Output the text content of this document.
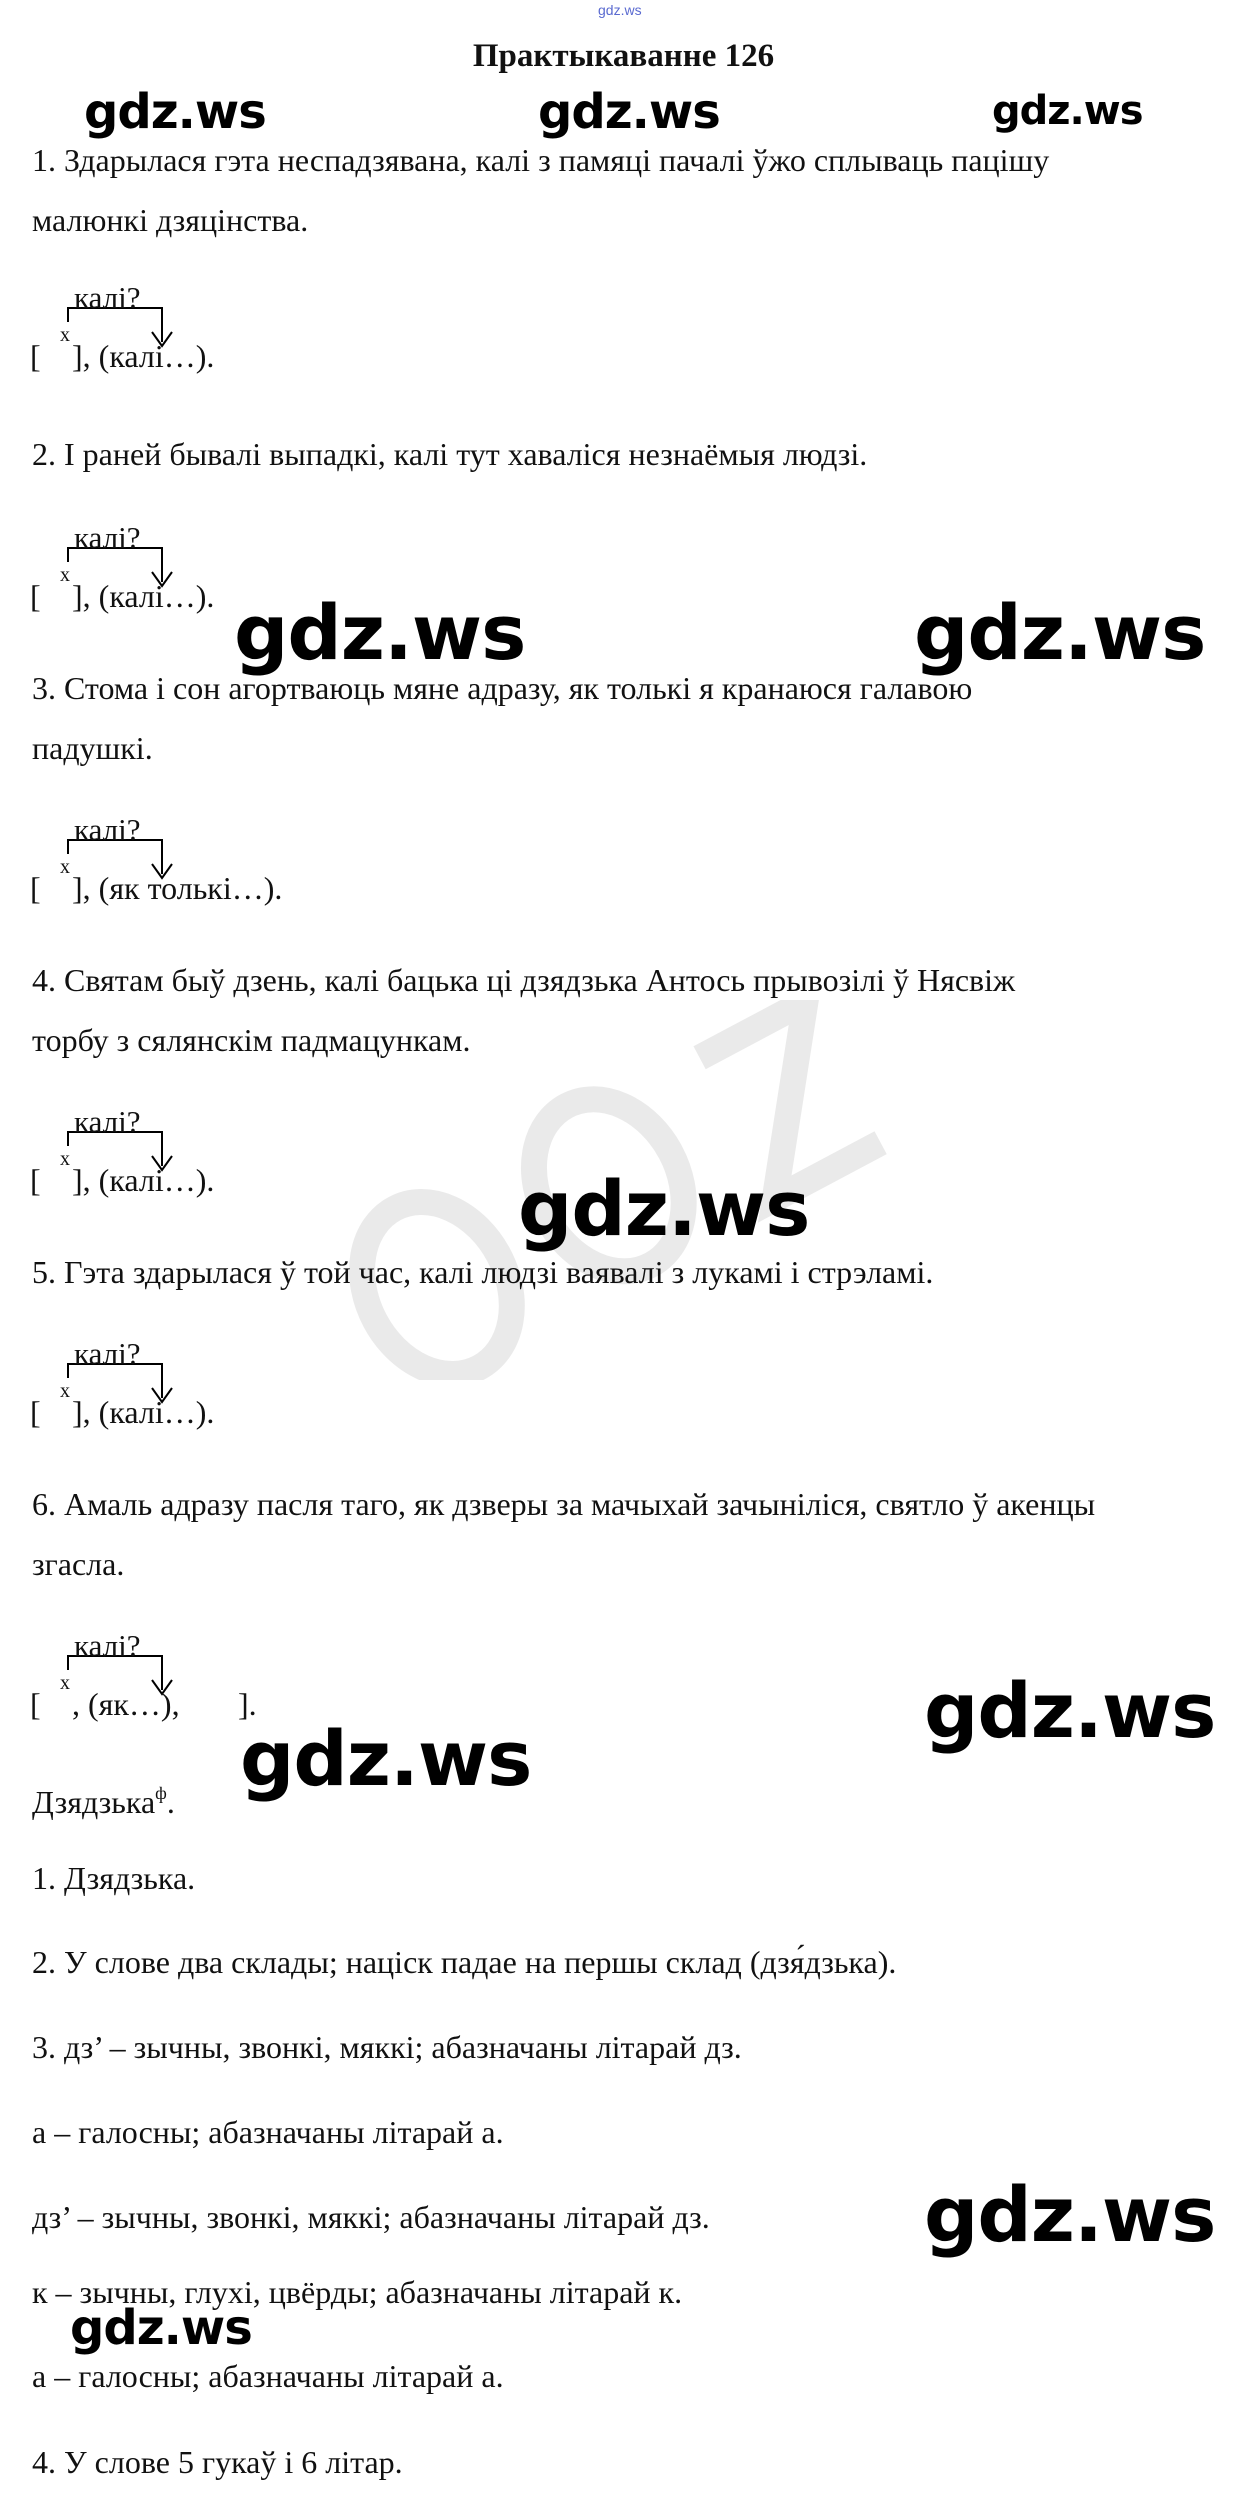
gdz.ws
Практыкаванне 126

1. Здарылася гэта неспадзявана, калі з памяці пачалі ўжо сплываць пацішу
малюнкі дзяцінства.

калі?
x
[ ], (калі…).

2. І раней бывалі выпадкі, калі тут хаваліся незнаёмыя людзі.

калі?
x
[ ], (калі…).

3. Стома і сон агортваюць мяне адразу, як толькі я кранаюся галавою
падушкі.

калі?
x
[ ], (як толькі…).

4. Святам быў дзень, калі бацька ці дзядзька Антось прывозілі ў Нясвіж
торбу з сялянскім падмацункам.

калі?
x
[ ], (калі…).

5. Гэта здарылася ў той час, калі людзі ваявалі з лукамі і стрэламі.

калі?
x
[ ], (калі…).

6. Амаль адразу пасля таго, як дзверы за мачыхай зачыніліся, святло ў акенцы
згасла.

калі?
x
[ , (як…), ].

Дзядзька$^ф$.

1. Дзядзька.

2. У слове два склады; націск падае на першы склад (дзя́дзька).

3. дз’ – зычны, звонкі, мяккі; абазначаны літарай дз.

а – галосны; абазначаны літарай а.

дз’ – зычны, звонкі, мяккі; абазначаны літарай дз.

к – зычны, глухі, цвёрды; абазначаны літарай к.

а – галосны; абазначаны літарай а.

4. У слове 5 гукаў і 6 літар.

gdz.ws	gdz.ws	gdz.ws
gdz.ws	gdz.ws
gdz.ws
gdz.ws
gdz.ws
gdz.ws
gdz.ws
